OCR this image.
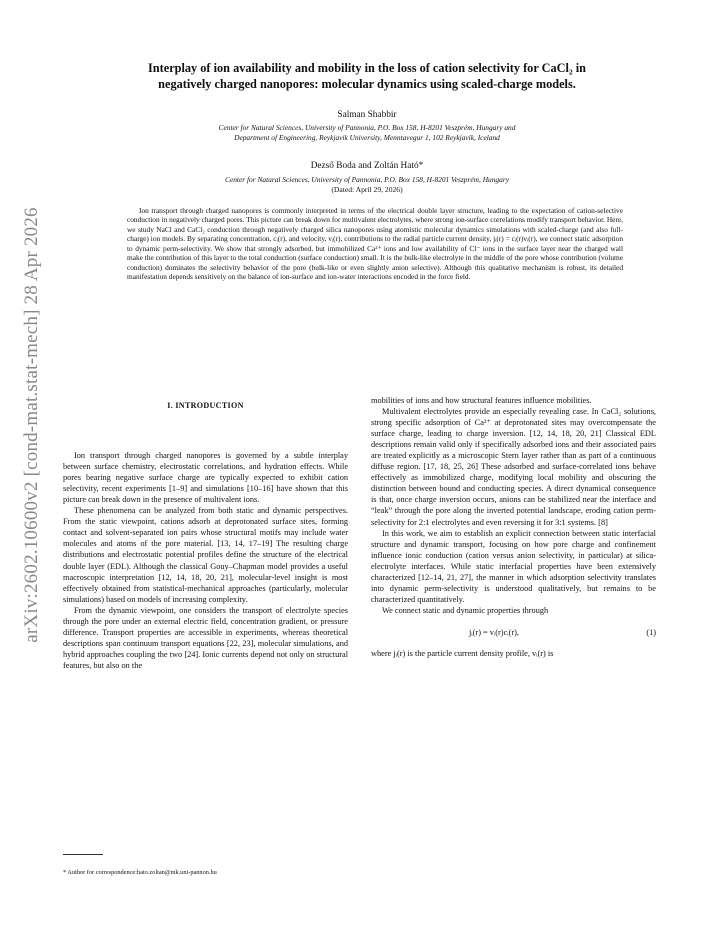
arXiv:2602.10600v2 [cond-mat.stat-mech] 28 Apr 2026
Interplay of ion availability and mobility in the loss of cation selectivity for CaCl₂ in
negatively charged nanopores: molecular dynamics using scaled-charge models.
Salman Shabbir
Center for Natural Sciences, University of Pannonia, P.O. Box 158, H-8201 Veszprém, Hungary and
Department of Engineering, Reykjavik University, Menntavegur 1, 102 Reykjavík, Iceland
Dezső Boda and Zoltán Ható*
Center for Natural Sciences, University of Pannonia, P.O. Box 158, H-8201 Veszprém, Hungary
(Dated: April 29, 2026)

Ion transport through charged nanopores is commonly interpreted in terms of the electrical double layer structure, leading to the expectation of cation-selective conduction in negatively charged pores. This picture can break down for multivalent electrolytes, where strong ion-surface correlations modify transport behavior. Here, we study NaCl and CaCl₂ conduction through negatively charged silica nanopores using atomistic molecular dynamics simulations with scaled-charge (and also full-charge) ion models. By separating concentration, cᵢ(r), and velocity, vᵢ(r), contributions to the radial particle current density, jᵢ(r) = cᵢ(r)vᵢ(r), we connect static adsorption to dynamic perm-selectivity. We show that strongly adsorbed, but immobilized Ca²⁺ ions and low availability of Cl⁻ ions in the surface layer near the charged wall make the contribution of this layer to the total conduction (surface conduction) small. It is the bulk-like electrolyte in the middle of the pore whose contribution (volume conduction) dominates the selectivity behavior of the pore (bulk-like or even slightly anion selective). Although this qualitative mechanism is robust, its detailed manifestation depends sensitively on the balance of ion-surface and ion-water interactions encoded in the force field.

I. INTRODUCTION

Ion transport through charged nanopores is governed by a subtle interplay between surface chemistry, electrostatic correlations, and hydration effects. While pores bearing negative surface charge are typically expected to exhibit cation selectivity, recent experiments [1–9] and simulations [10–16] have shown that this picture can break down in the presence of multivalent ions.

These phenomena can be analyzed from both static and dynamic perspectives. From the static viewpoint, cations adsorb at deprotonated surface sites, forming contact and solvent-separated ion pairs whose structural motifs may include water molecules and atoms of the pore material. [13, 14, 17–19] The resulting charge distributions and electrostatic potential profiles define the structure of the electrical double layer (EDL). Although the classical Gouy–Chapman model provides a useful macroscopic interpretation [12, 14, 18, 20, 21], molecular-level insight is most effectively obtained from statistical-mechanical approaches (particularly, molecular simulations) based on models of increasing complexity.

From the dynamic viewpoint, one considers the transport of electrolyte species through the pore under an external electric field, concentration gradient, or pressure difference. Transport properties are accessible in experiments, whereas theoretical descriptions span continuum transport equations [22, 23], molecular simulations, and hybrid approaches coupling the two [24]. Ionic currents depend not only on structural features, but also on the

mobilities of ions and how structural features influence mobilities.

Multivalent electrolytes provide an especially revealing case. In CaCl₂ solutions, strong specific adsorption of Ca²⁺ at deprotonated sites may overcompensate the surface charge, leading to charge inversion. [12, 14, 18, 20, 21] Classical EDL descriptions remain valid only if specifically adsorbed ions and their associated pairs are treated explicitly as a microscopic Stern layer rather than as part of a continuous diffuse region. [17, 18, 25, 26] These adsorbed and surface-correlated ions behave effectively as immobilized charge, modifying local mobility and obscuring the distinction between bound and conducting species. A direct dynamical consequence is that, once charge inversion occurs, anions can be stabilized near the interface and “leak” through the pore along the inverted potential landscape, eroding cation perm-selectivity for 2:1 electrolytes and even reversing it for 3:1 systems. [8]

In this work, we aim to establish an explicit connection between static interfacial structure and dynamic transport, focusing on how pore charge and confinement influence ionic conduction (cation versus anion selectivity, in particular) at silica-electrolyte interfaces. While static interfacial properties have been extensively characterized [12–14, 21, 27], the manner in which adsorption selectivity translates into dynamic perm-selectivity is understood qualitatively, but remains to be characterized quantitatively.

We connect static and dynamic properties through

jᵢ(r) = vᵢ(r)cᵢ(r),	(1)

where jᵢ(r) is the particle current density profile, vᵢ(r) is

* Author for correspondence:hato.zoltan@mk.uni-pannon.hu
